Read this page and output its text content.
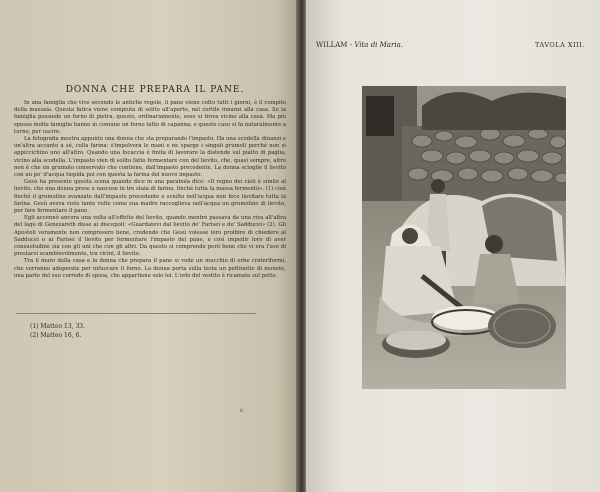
DONNA CHE PREPARA IL PANE.

In una famiglia che vive secondo le antiche regole, il pane viene cotto tutti i giorni, è il compito della massaia. Questa fatica viene compiuta di solito all'aperto, nel cortile innanzi alla casa. Se la famiglia possiede un forno di pietra, questo, ordinariamente, esso si trova vicino alla casa. Ma più spesso molte famiglie hanno in comune un forno fatto di capanna; e questo caso si fa naturalmente a turno, per uscire.

La fotografia mostra appunto una donna che sta preparando l'impasto. Ha una scodella dinanzi e un'altra accanto a sé, colla farina; s'impolvera le mani e ne sparge i singoli grumoli perché non si appiccichino uno all'altro. Quando una focaccia è finita di lavorare la distende sul piatto di paglia, vicino alla scodella. L'impasto vien di solito fatto fermentare con del lievito, che, quasi sempre, altro non è che un grumolo conservato che contiene, dall'impasto precedente. La donna scioglie il lievito con un po' d'acqua tiepida poi con questa la farina del nuovo impasto.

Gesù ha presente questa scena quando dice in una parabola dice: «Il regno dei cieli è simile al lievito, che una donna prese e nascose in tre staia di farina, finché tutta la massa fermentò». (1) cioè finché il grumolino avanzato dall'impasto precedente e sciolto nell'acqua non fece lievitare tutta la farina. Gesù aveva visto tante volte come sua madre raccoglieva nell'acqua un grumolino di lievito, per fare fermentare il pane.

Egli accennò ancora una volta all'effetto del lievito, quando mentre passava da una riva all'altra del lago di Genezareth disse ai discepoli: «Guardatevi dal lievito de' Farisei e de' Sadducei» (2). Gli Apostoli veramente non compresero bene, credendo che Gesù volesse loro proibire di chiedere ai Sadducei o ai Farisei il lievito per fermentare l'impasto del pane, e così impedir loro di aver consuetudine sia con gli uni che con gli altri. Da questo si comprende però bene che vi era l'uso di prestarsi scambievolmente, tra vicini, il lievito.

Tra il muro della casa e la donna che prepara il pane si vede un mucchio di erbe crateriformi, che verranno adoperate per infuocare il forno. La donna porta sulla testa un pettinotto di monete, una parte del suo corredo di sposa, che appartiene solo lei. L'orlo del vestito è ricamato sul petto.

(1) Matteo 13, 33.
(2) Matteo 16, 6.
6
WILLAM - Vita di Maria.	TAVOLA XIII.
